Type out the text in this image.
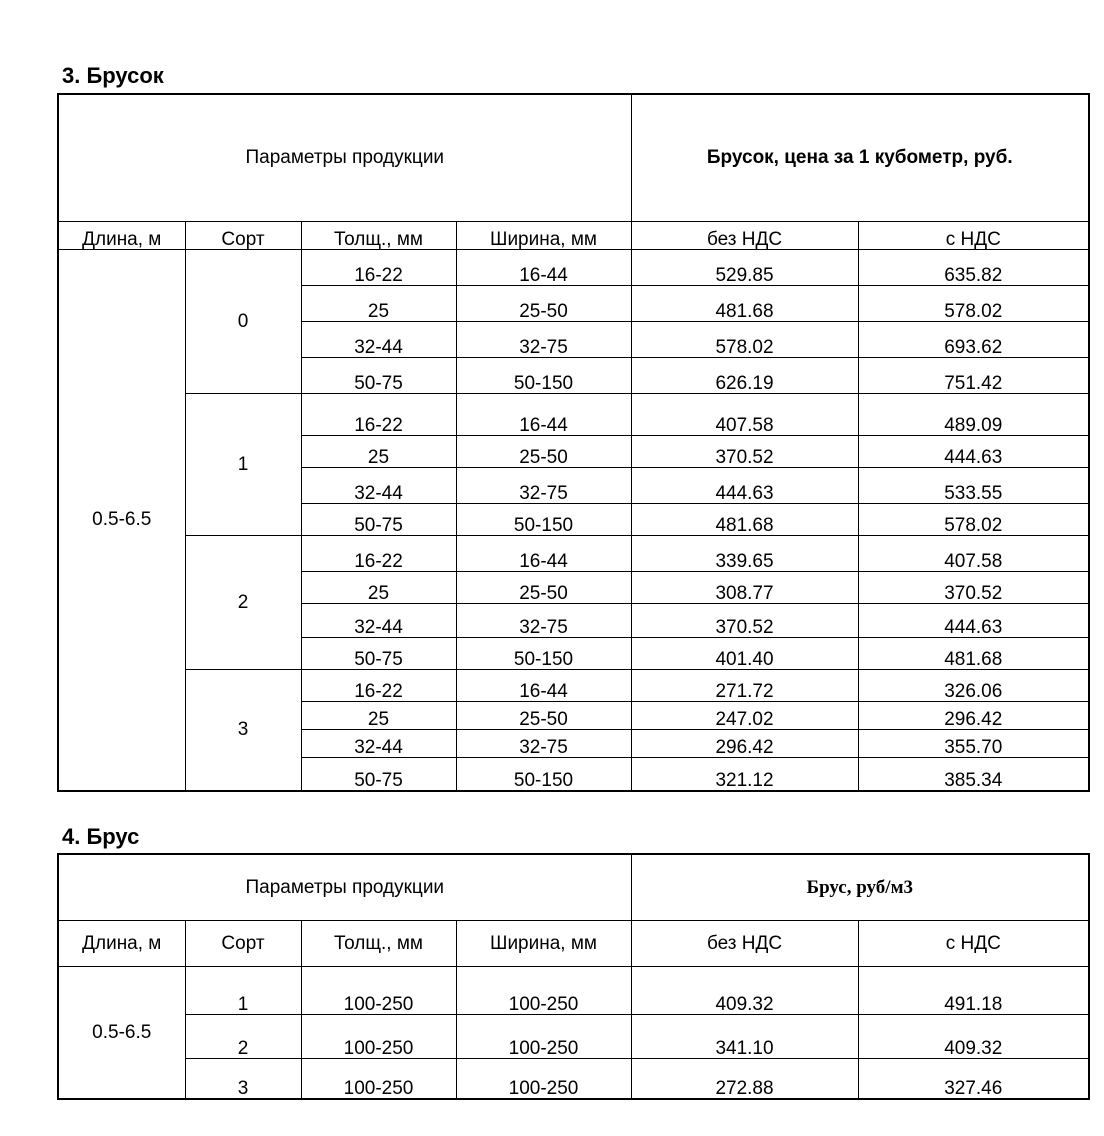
3. Брусок
Параметры продукции				Брусок, цена за 1 кубометр, руб.	
Длина, м	Сорт	Толщ., мм	Ширина, мм	без НДС	с НДС
0.5-6.5	0	16-22	16-44	529.85	635.82
		25	25-50	481.68	578.02
		32-44	32-75	578.02	693.62
		50-75	50-150	626.19	751.42
	1	16-22	16-44	407.58	489.09
		25	25-50	370.52	444.63
		32-44	32-75	444.63	533.55
		50-75	50-150	481.68	578.02
	2	16-22	16-44	339.65	407.58
		25	25-50	308.77	370.52
		32-44	32-75	370.52	444.63
		50-75	50-150	401.40	481.68
	3	16-22	16-44	271.72	326.06
		25	25-50	247.02	296.42
		32-44	32-75	296.42	355.70
		50-75	50-150	321.12	385.34
4. Брус
Параметры продукции				Брус, руб/м3	
Длина, м	Сорт	Толщ., мм	Ширина, мм	без НДС	с НДС
0.5-6.5	1	100-250	100-250	409.32	491.18
	2	100-250	100-250	341.10	409.32
	3	100-250	100-250	272.88	327.46
